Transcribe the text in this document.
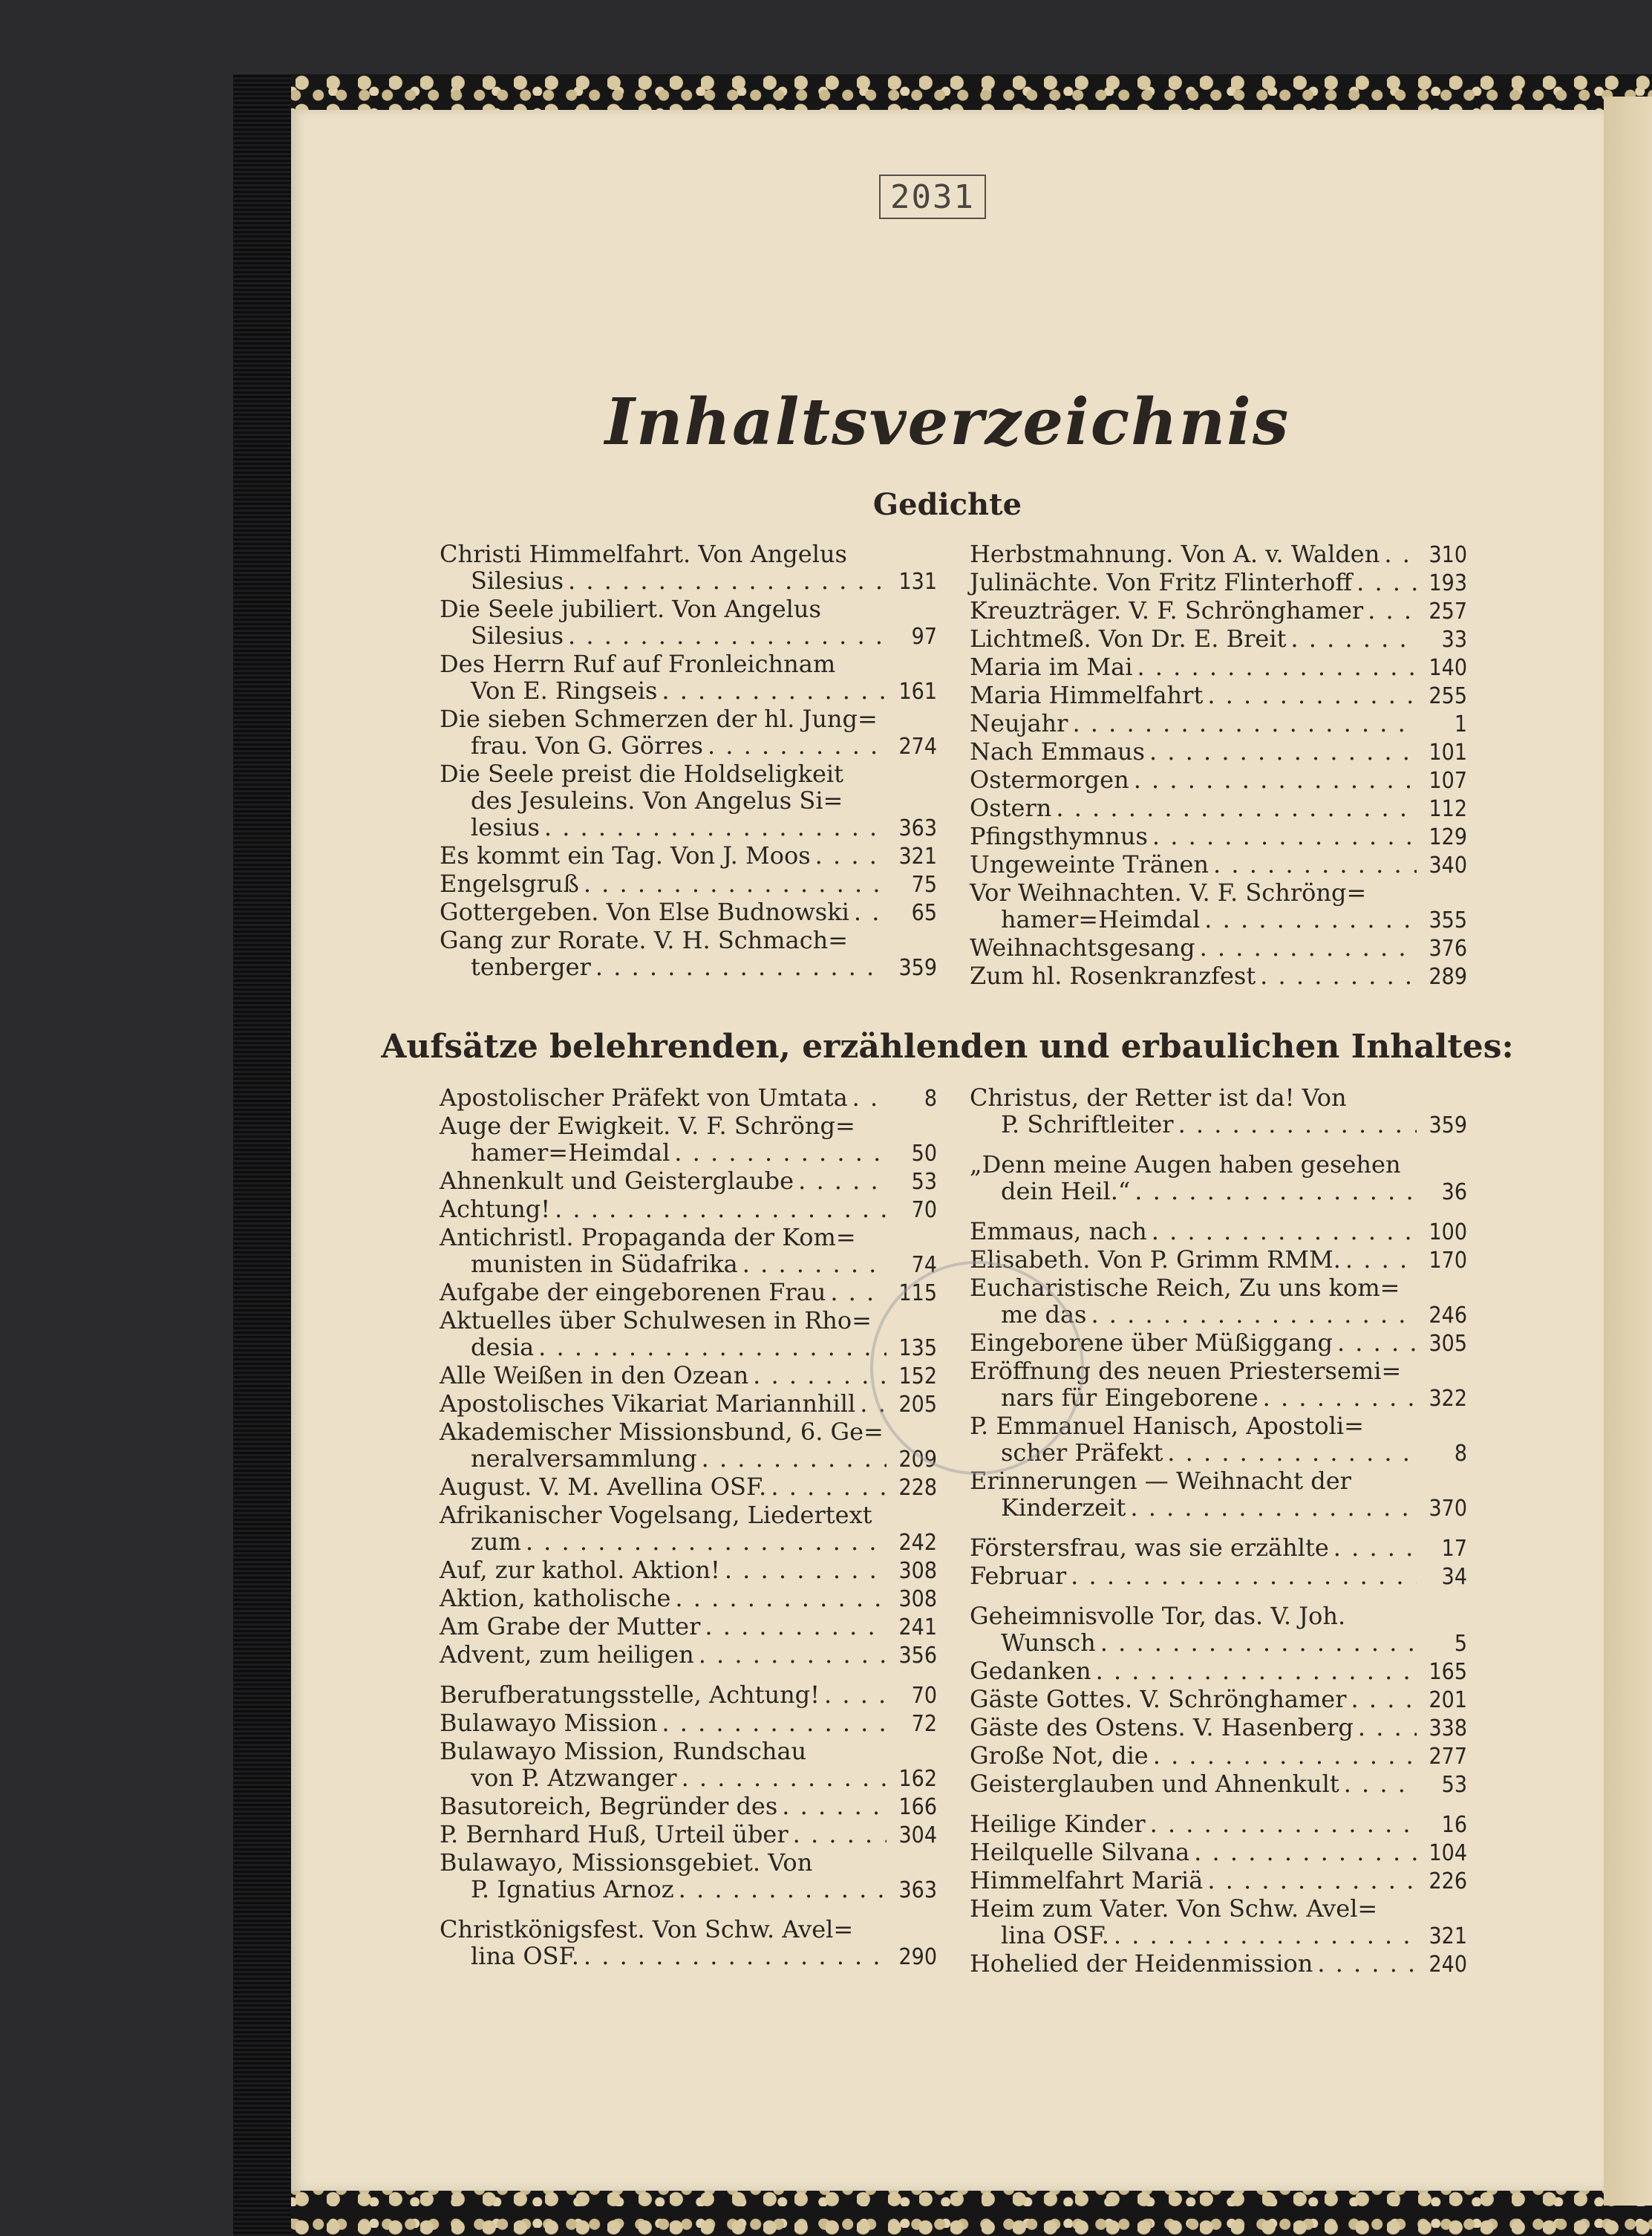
2031
Inhaltsverzeichnis
Gedichte
Christi Himmelfahrt. Von Angelus
Silesius . . .	131
Die Seele jubiliert. Von Angelus
Silesius . . .	97
Des Herrn Ruf auf Fronleichnam
Von E. Ringseis . . .	161
Die sieben Schmerzen der hl. Jung=
frau. Von G. Görres . . .	274
Die Seele preist die Holdseligkeit
des Jesuleins. Von Angelus Si=
lesius . . .	363
Es kommt ein Tag. Von J. Moos . . .	321
Engelsgruß . . .	75
Gottergeben. Von Else Budnowski . . .	65
Gang zur Rorate. V. H. Schmach=
tenberger . . .	359
Herbstmahnung. Von A. v. Walden . . .	310
Julinächte. Von Fritz Flinterhoff . . .	193
Kreuzträger. V. F. Schrönghamer . . .	257
Lichtmeß. Von Dr. E. Breit . . .	33
Maria im Mai . . .	140
Maria Himmelfahrt . . .	255
Neujahr . . .	1
Nach Emmaus . . .	101
Ostermorgen . . .	107
Ostern . . .	112
Pfingsthymnus . . .	129
Ungeweinte Tränen . . .	340
Vor Weihnachten. V. F. Schröng=
hamer=Heimdal . . .	355
Weihnachtsgesang . . .	376
Zum hl. Rosenkranzfest . . .	289
Aufsätze belehrenden, erzählenden und erbaulichen Inhaltes:
Apostolischer Präfekt von Umtata . . .	8
Auge der Ewigkeit. V. F. Schröng=
hamer=Heimdal . . .	50
Ahnenkult und Geisterglaube . . .	53
Achtung! . . .	70
Antichristl. Propaganda der Kom=
munisten in Südafrika . . .	74
Aufgabe der eingeborenen Frau . . .	115
Aktuelles über Schulwesen in Rho=
desia . . .	135
Alle Weißen in den Ozean . . .	152
Apostolisches Vikariat Mariannhill . . .	205
Akademischer Missionsbund, 6. Ge=
neralversammlung . . .	209
August. V. M. Avellina OSF. . . .	228
Afrikanischer Vogelsang, Liedertext
zum . . .	242
Auf, zur kathol. Aktion! . . .	308
Aktion, katholische . . .	308
Am Grabe der Mutter . . .	241
Advent, zum heiligen . . .	356
Berufberatungsstelle, Achtung! . . .	70
Bulawayo Mission . . .	72
Bulawayo Mission, Rundschau
von P. Atzwanger . . .	162
Basutoreich, Begründer des . . .	166
P. Bernhard Huß, Urteil über . . .	304
Bulawayo, Missionsgebiet. Von
P. Ignatius Arnoz . . .	363
Christkönigsfest. Von Schw. Avel=
lina OSF. . . .	290
Christus, der Retter ist da! Von
P. Schriftleiter . . .	359
„Denn meine Augen haben gesehen
dein Heil.“ . . .	36
Emmaus, nach . . .	100
Elisabeth. Von P. Grimm RMM. . . .	170
Eucharistische Reich, Zu uns kom=
me das . . .	246
Eingeborene über Müßiggang . . .	305
Eröffnung des neuen Priestersemi=
nars für Eingeborene . . .	322
P. Emmanuel Hanisch, Apostoli=
scher Präfekt . . .	8
Erinnerungen — Weihnacht der
Kinderzeit . . .	370
Förstersfrau, was sie erzählte . . .	17
Februar . . .	34
Geheimnisvolle Tor, das. V. Joh.
Wunsch . . .	5
Gedanken . . .	165
Gäste Gottes. V. Schrönghamer . . .	201
Gäste des Ostens. V. Hasenberg . . .	338
Große Not, die . . .	277
Geisterglauben und Ahnenkult . . .	53
Heilige Kinder . . .	16
Heilquelle Silvana . . .	104
Himmelfahrt Mariä . . .	226
Heim zum Vater. Von Schw. Avel=
lina OSF. . . .	321
Hohelied der Heidenmission . . .	240
